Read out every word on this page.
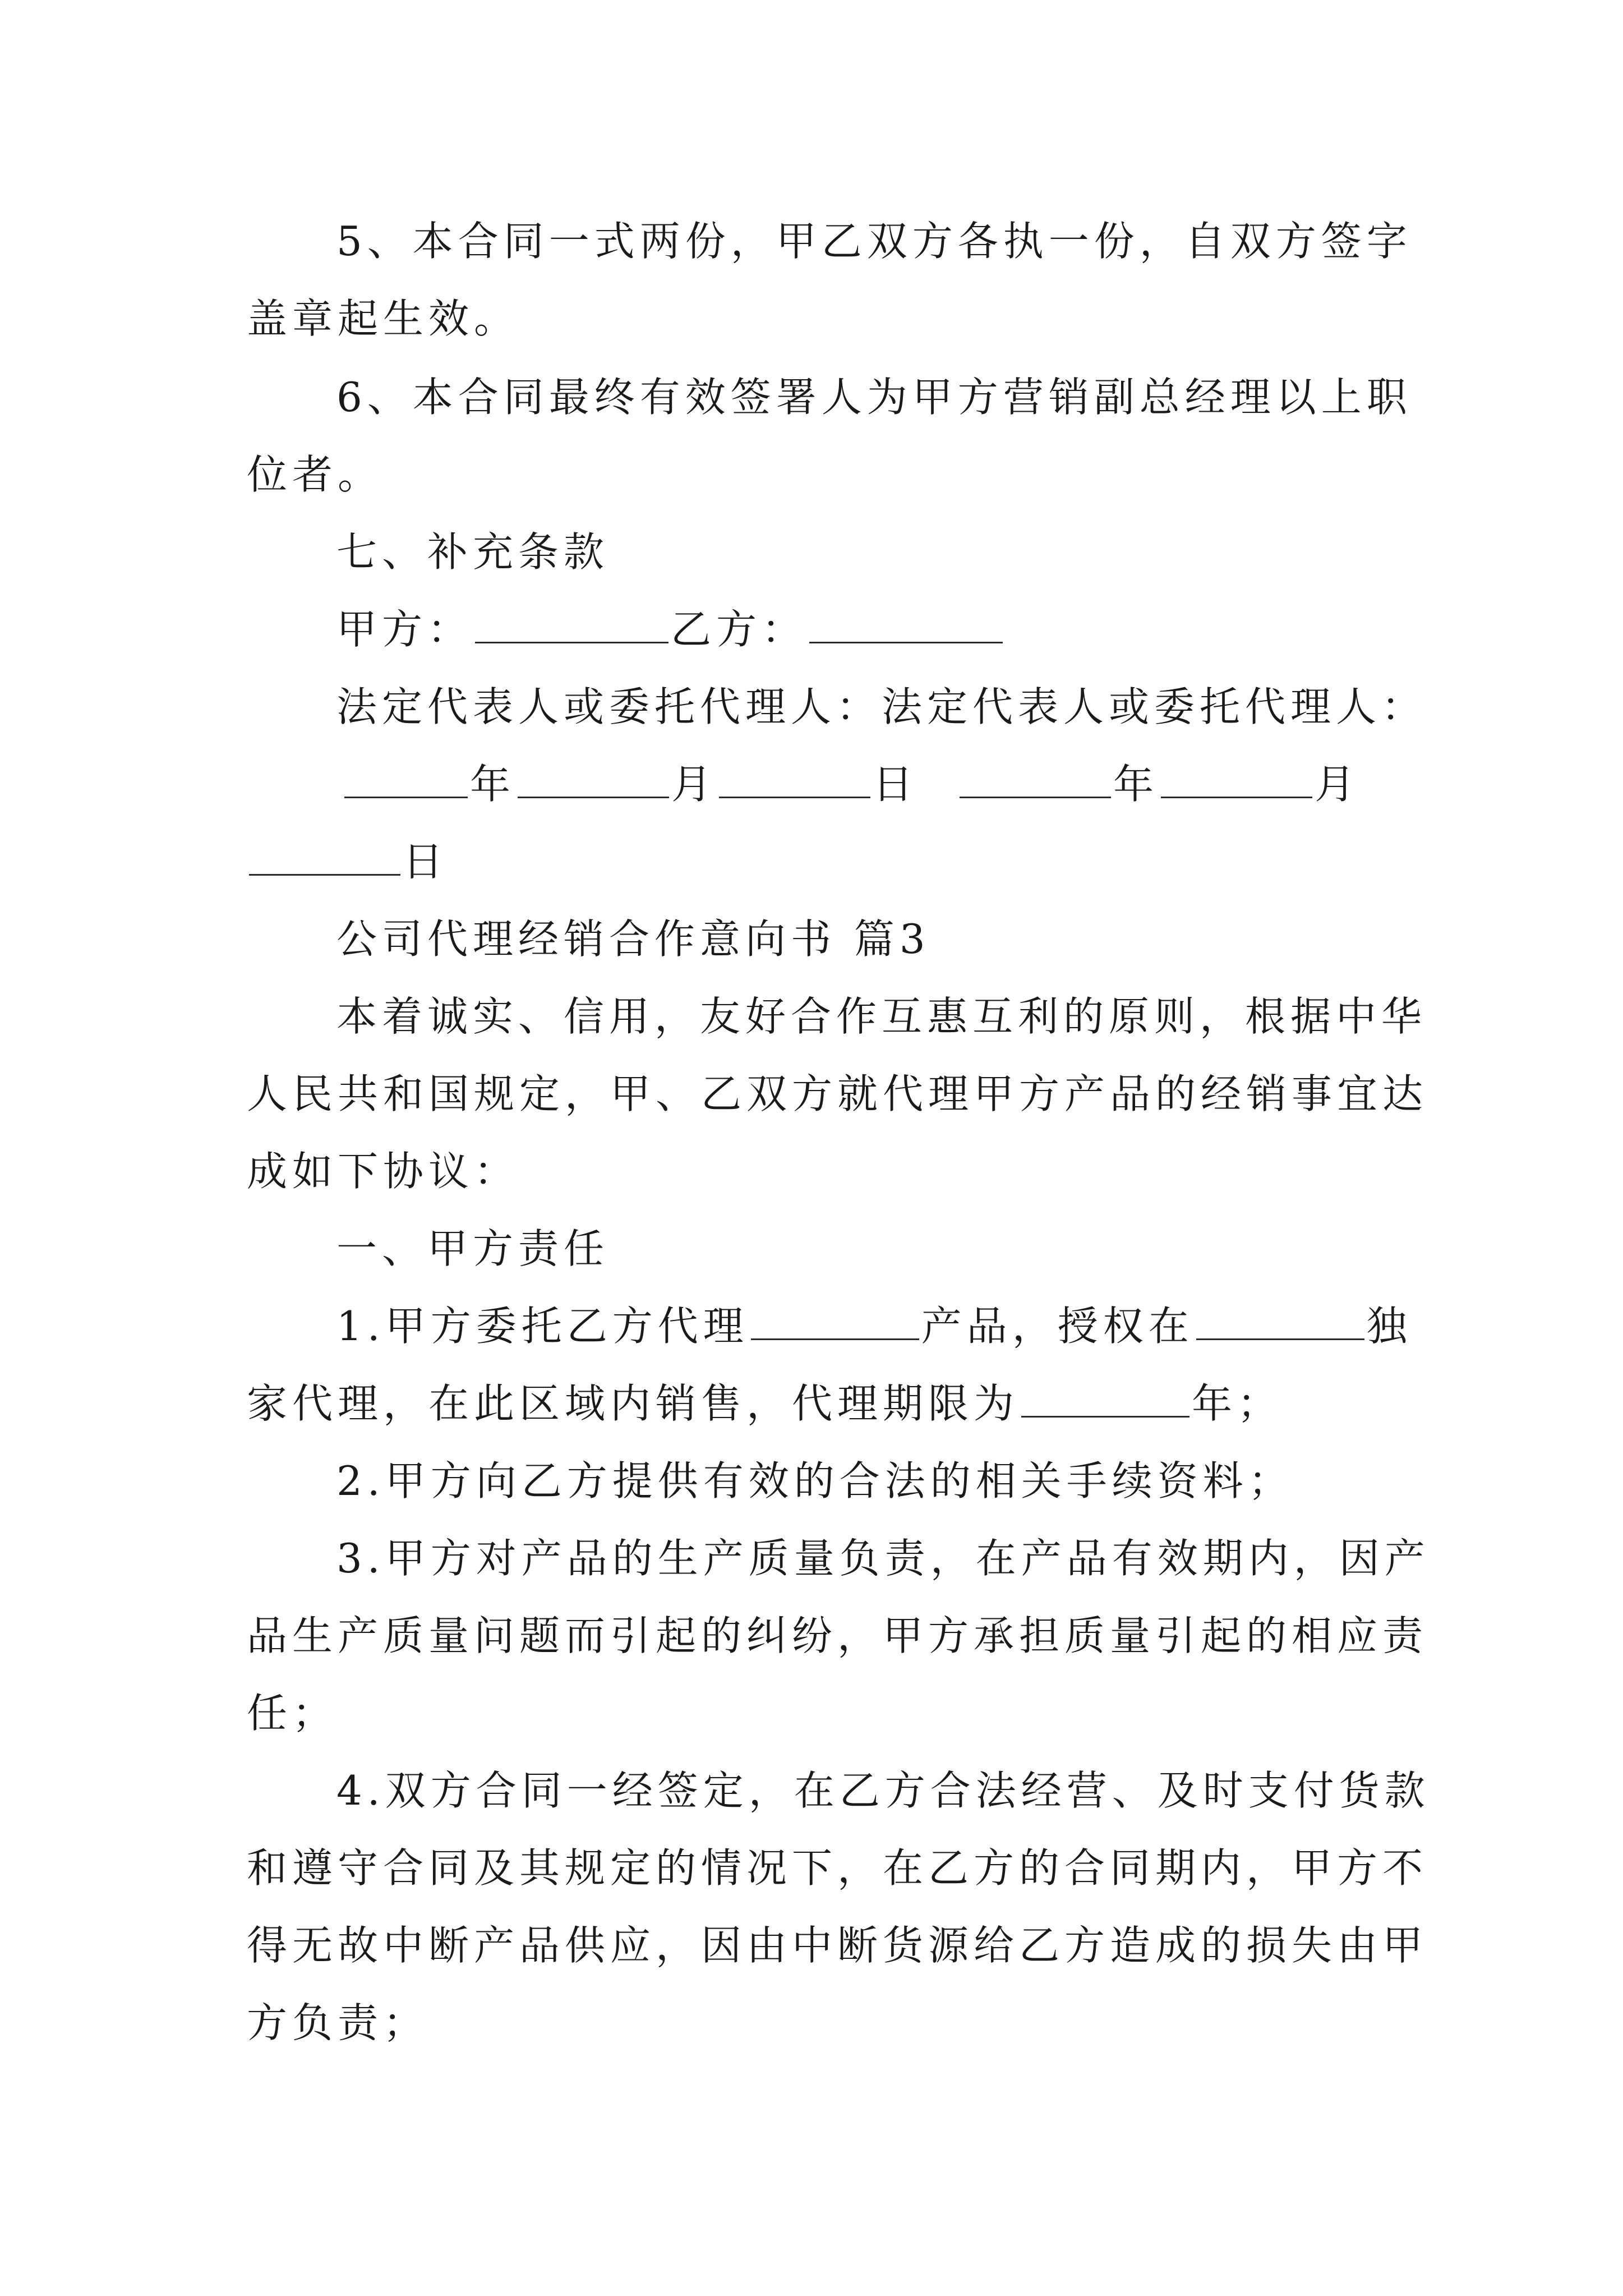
5、本合同一式两份，甲乙双方各执一份，自双方签字
盖章起生效。
6、本合同最终有效签署人为甲方营销副总经理以上职
位者。
七、补充条款
甲方：	乙方：
法定代表人或委托代理人：法定代表人或委托代理人：
年	月	日	年	月
日
公司代理经销合作意向书 篇3
本着诚实、信用，友好合作互惠互利的原则，根据中华
人民共和国规定，甲、乙双方就代理甲方产品的经销事宜达
成如下协议：
一、甲方责任
1.甲方委托乙方代理	产品，授权在	独
家代理，在此区域内销售，代理期限为	年；
2.甲方向乙方提供有效的合法的相关手续资料；
3.甲方对产品的生产质量负责，在产品有效期内，因产
品生产质量问题而引起的纠纷，甲方承担质量引起的相应责
任；
4.双方合同一经签定，在乙方合法经营、及时支付货款
和遵守合同及其规定的情况下，在乙方的合同期内，甲方不
得无故中断产品供应，因由中断货源给乙方造成的损失由甲
方负责；
